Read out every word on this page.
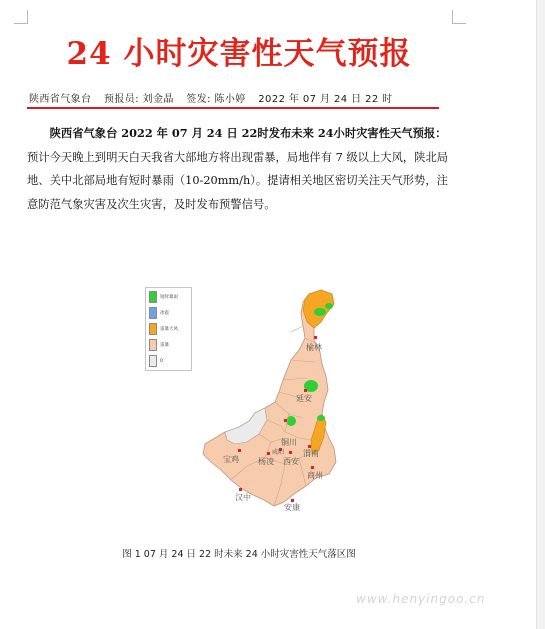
24 小时灾害性天气预报
陕西省气象台 预报员: 刘金晶 签发: 陈小婷 2022 年 07 月 24 日 22 时

陕西省气象台 2022 年 07 月 24 日 22时发布未来 24小时灾害性天气预报：预计今天晚上到明天白天我省大部地方将出现雷暴，局地伴有 7 级以上大风，陕北局地、关中北部局地有短时暴雨（10-20mm/h）。提请相关地区密切关注天气形势，注意防范气象灾害及次生灾害，及时发布预警信号。

短时暴雨
冰雹
雷暴大风
雷暴
0
榆林
延安
铜川
渭南
西安
咸阳
杨凌
宝鸡
商州
汉中
安康
图 1 07 月 24 日 22 时未来 24 小时灾害性天气落区图
www.henyingoo.cn
